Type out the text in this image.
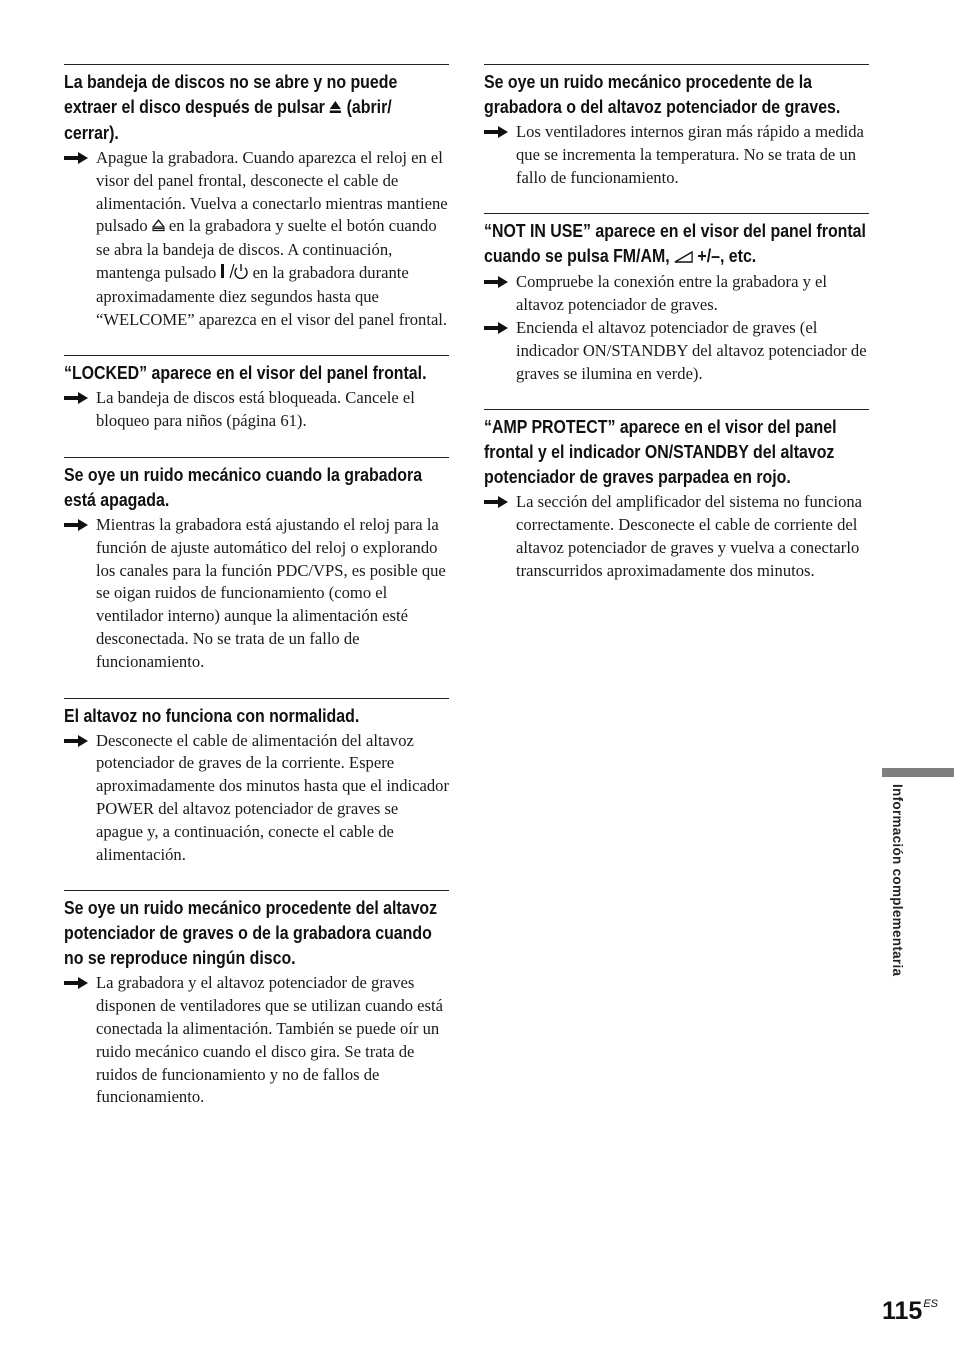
La bandeja de discos no se abre y no puede extraer el disco después de pulsar  (abrir/ cerrar).
Apague la grabadora. Cuando aparezca el reloj en el visor del panel frontal, desconecte el cable de alimentación. Vuelva a conectarlo mientras mantiene pulsado  en la grabadora y suelte el botón cuando se abra la bandeja de discos. A continuación, mantenga pulsado  en la grabadora durante aproximadamente diez segundos hasta que “WELCOME” aparezca en el visor del panel frontal.
“LOCKED” aparece en el visor del panel frontal.
La bandeja de discos está bloqueada. Cancele el bloqueo para niños (página 61).
Se oye un ruido mecánico cuando la grabadora está apagada.
Mientras la grabadora está ajustando el reloj para la función de ajuste automático del reloj o explorando los canales para la función PDC/VPS, es posible que se oigan ruidos de funcionamiento (como el ventilador interno) aunque la alimentación esté desconectada. No se trata de un fallo de funcionamiento.
El altavoz no funciona con normalidad.
Desconecte el cable de alimentación del altavoz potenciador de graves de la corriente. Espere aproximadamente dos minutos hasta que el indicador POWER del altavoz potenciador de graves se apague y, a continuación, conecte el cable de alimentación.
Se oye un ruido mecánico procedente del altavoz potenciador de graves o de la grabadora cuando no se reproduce ningún disco.
La grabadora y el altavoz potenciador de graves disponen de ventiladores que se utilizan cuando está conectada la alimentación. También se puede oír un ruido mecánico cuando el disco gira. Se trata de ruidos de funcionamiento y no de fallos de funcionamiento.
Se oye un ruido mecánico procedente de la grabadora o del altavoz potenciador de graves.
Los ventiladores internos giran más rápido a medida que se incrementa la temperatura. No se trata de un fallo de funcionamiento.
“NOT IN USE” aparece en el visor del panel frontal cuando se pulsa FM/AM,  +/–, etc.
Compruebe la conexión entre la grabadora y el altavoz potenciador de graves.
Encienda el altavoz potenciador de graves (el indicador ON/STANDBY del altavoz potenciador de graves se ilumina en verde).
“AMP PROTECT” aparece en el visor del panel frontal y el indicador ON/STANDBY del altavoz potenciador de graves parpadea en rojo.
La sección del amplificador del sistema no funciona correctamente. Desconecte el cable de corriente del altavoz potenciador de graves y vuelva a conectarlo transcurridos aproximadamente dos minutos.
Información complementaria
$115^{ES}$
